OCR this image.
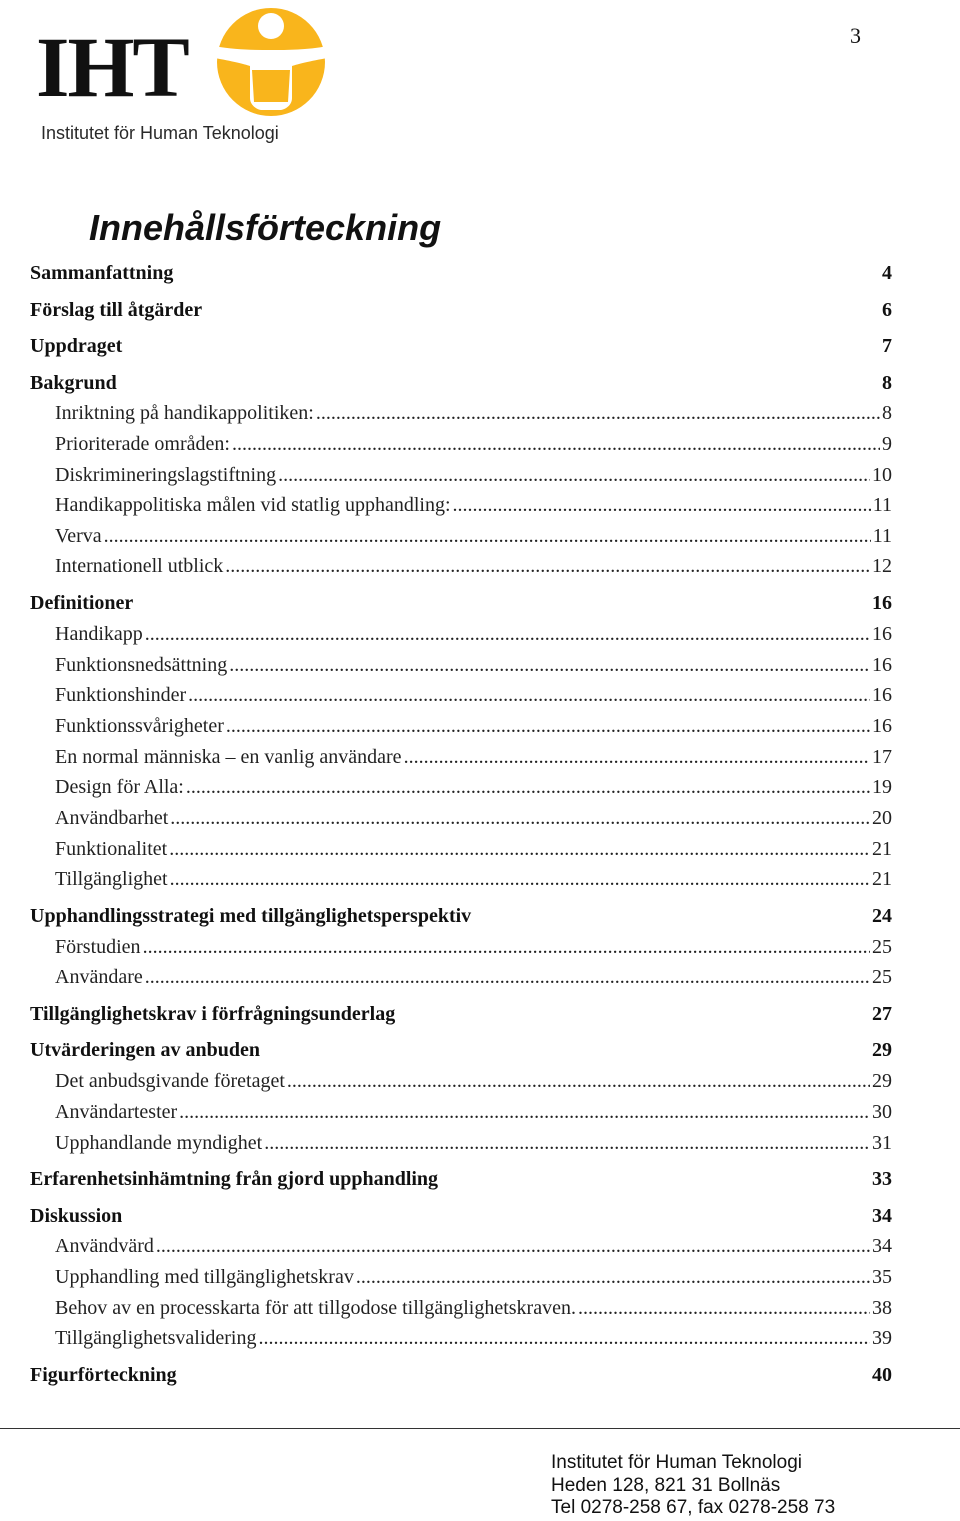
3
IHT
Institutet för Human Teknologi
Innehållsförteckning
Sammanfattning	4
Förslag till åtgärder	6
Uppdraget	7
Bakgrund	8
Inriktning på handikappolitiken: .....	8
Prioriterade områden: .....	9
Diskrimineringslagstiftning .....	10
Handikappolitiska målen vid statlig upphandling: .....	11
Verva .....	11
Internationell utblick .....	12
Definitioner	16
Handikapp .....	16
Funktionsnedsättning .....	16
Funktionshinder .....	16
Funktionssvårigheter .....	16
En normal människa – en vanlig användare .....	17
Design för Alla: .....	19
Användbarhet .....	20
Funktionalitet .....	21
Tillgänglighet .....	21
Upphandlingsstrategi med tillgänglighetsperspektiv	24
Förstudien .....	25
Användare .....	25
Tillgänglighetskrav i förfrågningsunderlag	27
Utvärderingen av anbuden	29
Det anbudsgivande företaget .....	29
Användartester .....	30
Upphandlande myndighet .....	31
Erfarenhetsinhämtning från gjord upphandling	33
Diskussion	34
Användvärd .....	34
Upphandling med tillgänglighetskrav .....	35
Behov av en processkarta för att tillgodose tillgänglighetskraven. .....	38
Tillgänglighetsvalidering .....	39
Figurförteckning	40
Institutet för Human Teknologi
Heden 128, 821 31 Bollnäs
Tel 0278-258 67, fax 0278-258 73
